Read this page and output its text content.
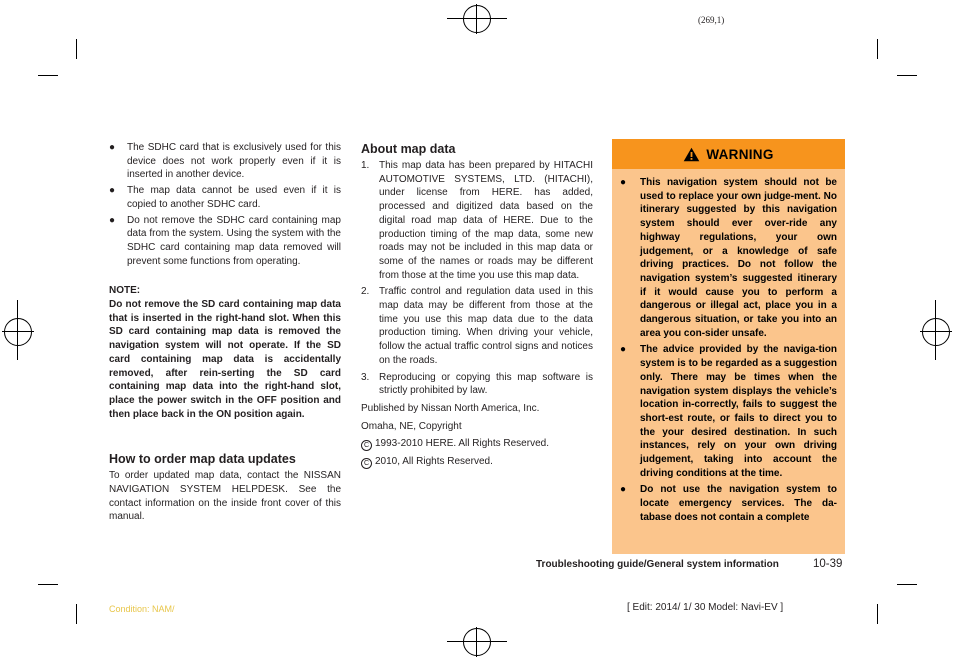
(269,1)
●	The SDHC card that is exclusively used for this device does not work properly even if it is inserted in another device.
●	The map data cannot be used even if it is copied to another SDHC card.
●	Do not remove the SDHC card containing map data from the system. Using the system with the SDHC card containing map data removed will prevent some functions from operating.
NOTE:
Do not remove the SD card containing map data that is inserted in the right-hand slot. When this SD card containing map data is removed the navigation system will not operate. If the SD card containing map data is accidentally removed, after rein-serting the SD card containing map data into the right-hand slot, place the power switch in the OFF position and then place back in the ON position again.
How to order map data updates

To order updated map data, contact the NISSAN NAVIGATION SYSTEM HELPDESK. See the contact information on the inside front cover of this manual.

About map data
1. This map data has been prepared by HITACHI AUTOMOTIVE SYSTEMS, LTD. (HITACHI), under license from HERE. has added, processed and digitized data based on the digital road map data of HERE. Due to the production timing of the map data, some new roads may not be included in this map data or some of the names or roads may be different from those at the time you use this map data.
2. Traffic control and regulation data used in this map data may be different from those at the time you use this map data due to the data production timing. When driving your vehicle, follow the actual traffic control signs and notices on the roads.
3. Reproducing or copying this map software is strictly prohibited by law.

Published by Nissan North America, Inc.

Omaha, NE, Copyright

C 1993-2010 HERE. All Rights Reserved.

C 2010, All Rights Reserved.

WARNING
●	This navigation system should not be used to replace your own judge-ment. No itinerary suggested by this navigation system should ever over-ride any highway regulations, your own judgement, or a knowledge of safe driving practices. Do not follow the navigation system’s suggested itinerary if it would cause you to perform a dangerous or illegal act, place you in a dangerous situation, or take you into an area you con-sider unsafe.
●	The advice provided by the naviga-tion system is to be regarded as a suggestion only. There may be times when the navigation system displays the vehicle’s location in-correctly, fails to suggest the short-est route, or fails to direct you to the your desired destination. In such instances, rely on your own driving judgement, taking into account the driving conditions at the time.
●	Do not use the navigation system to locate emergency services. The da-tabase does not contain a complete
Troubleshooting guide/General system information	10-39
Condition: NAM/	[ Edit: 2014/ 1/ 30 Model: Navi-EV ]
